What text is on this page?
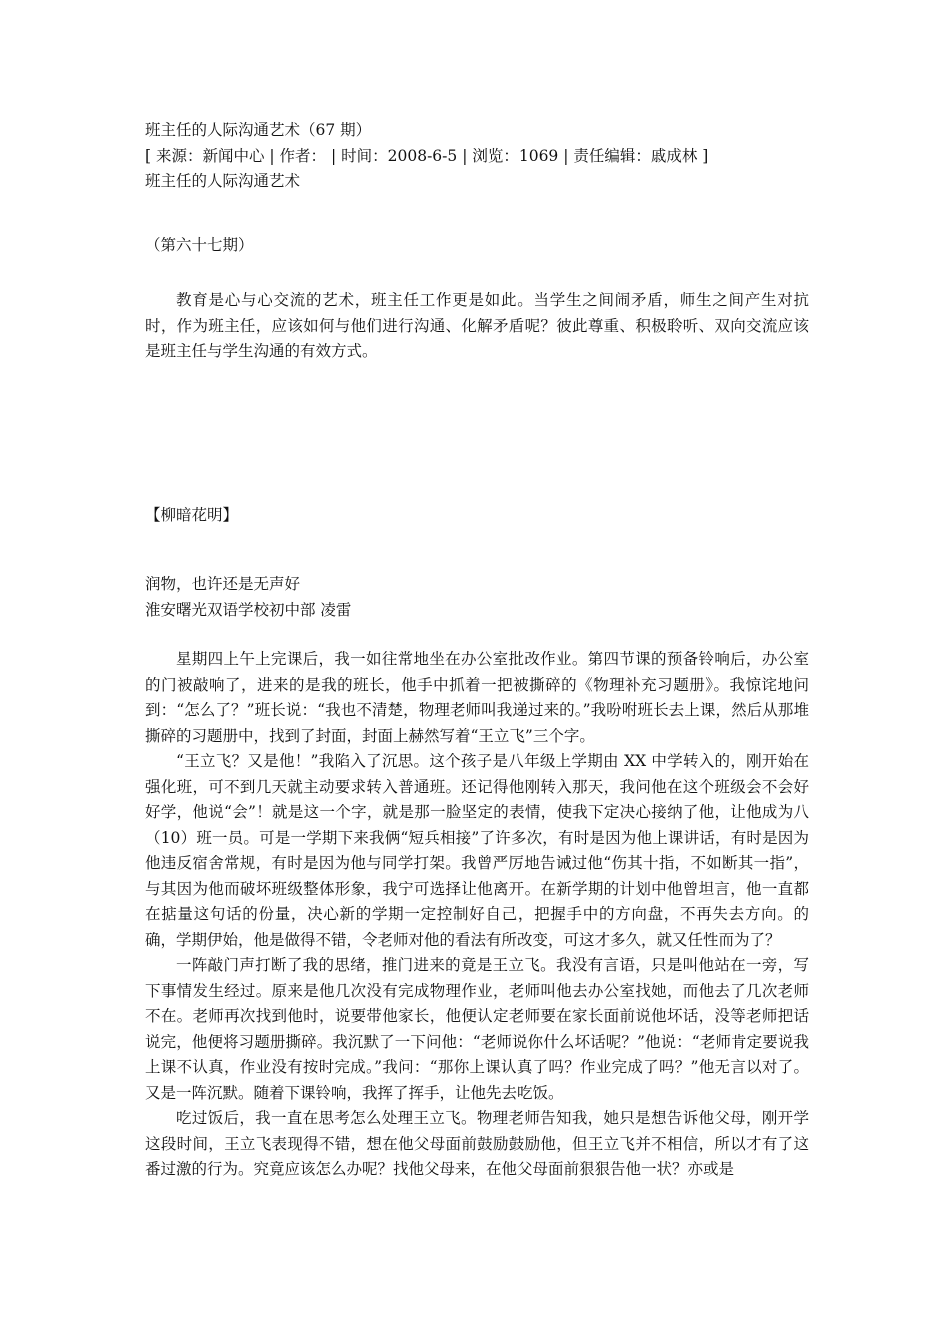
班主任的人际沟通艺术（67 期）
[ 来源：新闻中心 | 作者： | 时间：2008-6-5 | 浏览：1069 | 责任编辑：戚成林 ]
班主任的人际沟通艺术
（第六十七期）

教育是心与心交流的艺术，班主任工作更是如此。当学生之间闹矛盾，师生之间产生对抗时，作为班主任，应该如何与他们进行沟通、化解矛盾呢？彼此尊重、积极聆听、双向交流应该是班主任与学生沟通的有效方式。

【柳暗花明】
润物，也许还是无声好
淮安曙光双语学校初中部 凌雷

星期四上午上完课后，我一如往常地坐在办公室批改作业。第四节课的预备铃响后，办公室的门被敲响了，进来的是我的班长，他手中抓着一把被撕碎的《物理补充习题册》。我惊诧地问到：“怎么了？”班长说：“我也不清楚，物理老师叫我递过来的。”我吩咐班长去上课，然后从那堆撕碎的习题册中，找到了封面，封面上赫然写着“王立飞”三个字。

“王立飞？又是他！”我陷入了沉思。这个孩子是八年级上学期由 XX 中学转入的，刚开始在强化班，可不到几天就主动要求转入普通班。还记得他刚转入那天，我问他在这个班级会不会好好学，他说“会”！就是这一个字，就是那一脸坚定的表情，使我下定决心接纳了他，让他成为八（10）班一员。可是一学期下来我俩“短兵相接”了许多次，有时是因为他上课讲话，有时是因为他违反宿舍常规，有时是因为他与同学打架。我曾严厉地告诫过他“伤其十指，不如断其一指”，与其因为他而破坏班级整体形象，我宁可选择让他离开。在新学期的计划中他曾坦言，他一直都在掂量这句话的份量，决心新的学期一定控制好自己，把握手中的方向盘，不再失去方向。的确，学期伊始，他是做得不错，令老师对他的看法有所改变，可这才多久，就又任性而为了？

一阵敲门声打断了我的思绪，推门进来的竟是王立飞。我没有言语，只是叫他站在一旁，写下事情发生经过。原来是他几次没有完成物理作业，老师叫他去办公室找她，而他去了几次老师不在。老师再次找到他时，说要带他家长，他便认定老师要在家长面前说他坏话，没等老师把话说完，他便将习题册撕碎。我沉默了一下问他：“老师说你什么坏话呢？”他说：“老师肯定要说我上课不认真，作业没有按时完成。”我问：“那你上课认真了吗？作业完成了吗？”他无言以对了。又是一阵沉默。随着下课铃响，我挥了挥手，让他先去吃饭。

吃过饭后，我一直在思考怎么处理王立飞。物理老师告知我，她只是想告诉他父母，刚开学这段时间，王立飞表现得不错，想在他父母面前鼓励鼓励他，但王立飞并不相信，所以才有了这番过激的行为。究竟应该怎么办呢？找他父母来，在他父母面前狠狠告他一状？亦或是
